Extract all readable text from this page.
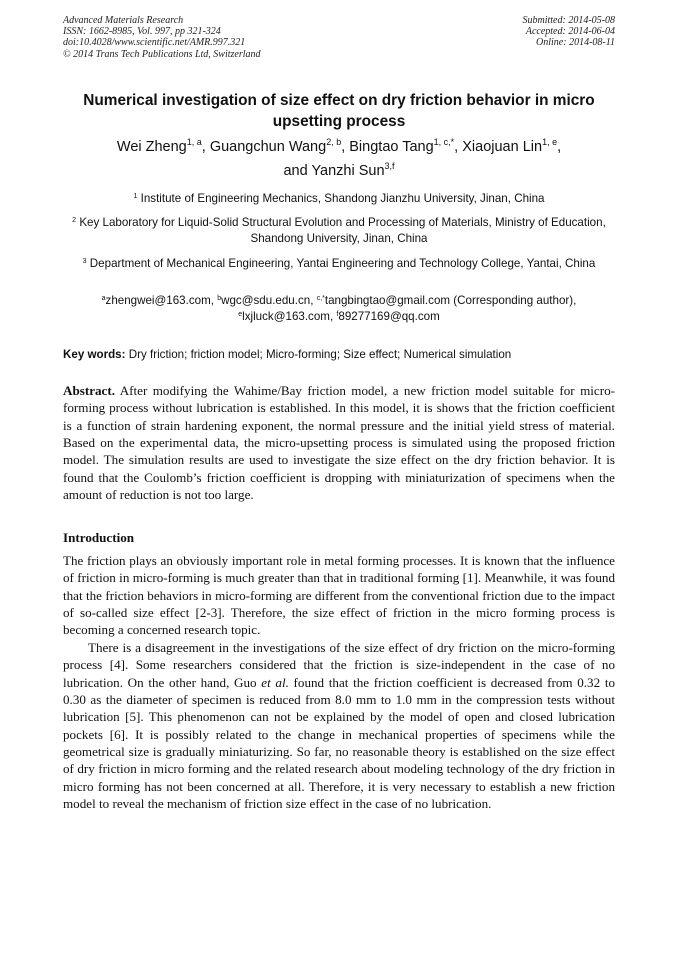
Advanced Materials Research
ISSN: 1662-8985, Vol. 997, pp 321-324
doi:10.4028/www.scientific.net/AMR.997.321
© 2014 Trans Tech Publications Ltd, Switzerland
Submitted: 2014-05-08
Accepted: 2014-06-04
Online: 2014-08-11
Numerical investigation of size effect on dry friction behavior in micro upsetting process
Wei Zheng$^{1, a}$, Guangchun Wang$^{2, b}$, Bingtao Tang$^{1, c,*}$, Xiaojuan Lin$^{1, e}$,
and Yanzhi Sun$^{3,f}$
$^1$ Institute of Engineering Mechanics, Shandong Jianzhu University, Jinan, China
$^2$ Key Laboratory for Liquid-Solid Structural Evolution and Processing of Materials, Ministry of Education, Shandong University, Jinan, China
$^3$ Department of Mechanical Engineering, Yantai Engineering and Technology College, Yantai, China
$^a$zhengwei@163.com, $^b$wgc@sdu.edu.cn, $^{c,*}$tangbingtao@gmail.com (Corresponding author),
$^e$lxjluck@163.com, $^f$89277169@qq.com
Key words: Dry friction; friction model; Micro-forming; Size effect; Numerical simulation
Abstract. After modifying the Wahime/Bay friction model, a new friction model suitable for micro-forming process without lubrication is established. In this model, it is shows that the friction coefficient is a function of strain hardening exponent, the normal pressure and the initial yield stress of material. Based on the experimental data, the micro-upsetting process is simulated using the proposed friction model. The simulation results are used to investigate the size effect on the dry friction behavior. It is found that the Coulomb’s friction coefficient is dropping with miniaturization of specimens when the amount of reduction is not too large.
Introduction
The friction plays an obviously important role in metal forming processes. It is known that the influence of friction in micro-forming is much greater than that in traditional forming [1]. Meanwhile, it was found that the friction behaviors in micro-forming are different from the conventional friction due to the impact of so-called size effect [2-3]. Therefore, the size effect of friction in the micro forming process is becoming a concerned research topic.
There is a disagreement in the investigations of the size effect of dry friction on the micro-forming process [4]. Some researchers considered that the friction is size-independent in the case of no lubrication. On the other hand, Guo et al. found that the friction coefficient is decreased from 0.32 to 0.30 as the diameter of specimen is reduced from 8.0 mm to 1.0 mm in the compression tests without lubrication [5]. This phenomenon can not be explained by the model of open and closed lubrication pockets [6]. It is possibly related to the change in mechanical properties of specimens while the geometrical size is gradually miniaturizing. So far, no reasonable theory is established on the size effect of dry friction in micro forming and the related research about modeling technology of the dry friction in micro forming has not been concerned at all. Therefore, it is very necessary to establish a new friction model to reveal the mechanism of friction size effect in the case of no lubrication.
